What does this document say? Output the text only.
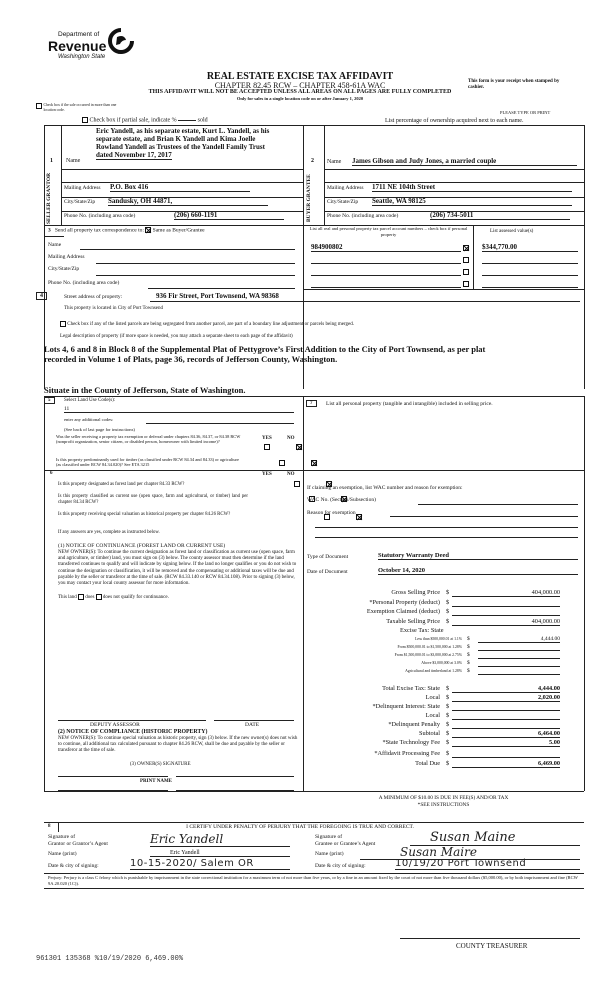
Department of
Revenue
Washington State
REAL ESTATE EXCISE TAX AFFIDAVIT
CHAPTER 82.45 RCW – CHAPTER 458-61A WAC
THIS AFFIDAVIT WILL NOT BE ACCEPTED UNLESS ALL AREAS ON ALL PAGES ARE FULLY COMPLETED
Only for sales in a single location code on or after January 1, 2020
This form is your receipt when stamped by cashier.
PLEASE TYPE OR PRINT
Check box if the sale occurred in more than one location code.
Check box if partial sale, indicate %	sold	List percentage of ownership acquired next to each name.
1
SELLER GRANTOR
Name
Eric Yandell, as his separate estate, Kurt L. Yandell, as his
separate estate, and Brian K Yandell and Kima Joelle
Rowland Yandell as Trustees of the Yandell Family Trust
dated November 17, 2017
Mailing Address P.O. Box 416
City/State/Zip Sandusky, OH 44871,
Phone No. (including area code)	(206) 660-1191
2
BUYER GRANTEE
Name James Gibson and Judy Jones, a married couple
Mailing Address 1711 NE 104th Street
City/State/Zip Seattle, WA 98125
Phone No. (including area code)	(206) 734-5011
3 Send all property tax correspondence to: Same as Buyer/Grantee
Name
Mailing Address
City/State/Zip
Phone No. (including area code)
List all real and personal property tax parcel account numbers – check box if personal property	List assessed value(s)
984900802	$344,770.00
4	Street address of property:	936 Fir Street, Port Townsend, WA 98368
This property is located in City of Port Townsend
Check box if any of the listed parcels are being segregated from another parcel, are part of a boundary line adjustment or parcels being merged.
Legal description of property (if more space is needed, you may attach a separate sheet to each page of the affidavit)
Lots 4, 6 and 8 in Block 8 of the Supplemental Plat of Pettygrove’s First Addition to the City of Port Townsend, as per plat
recorded in Volume 1 of Plats, page 36, records of Jefferson County, Washington.
Situate in the County of Jefferson, State of Washington.
5	Select Land Use Code(s):
11
enter any additional codes:
(See back of last page for instructions)
YES	NO
Was the seller receiving a property tax exemption or deferral under chapters 84.36, 84.37, or 84.38 RCW (nonprofit organization, senior citizen, or disabled person, homeowner with limited income)?

Is this property predominantly used for timber (as classified under RCW 84.34 and 84.33) or agriculture (as classified under RCW 84.34.020)? See ETA 3215

6	YES	NO
Is this property designated as forest land per chapter 84.33 RCW?

Is this property classified as current use (open space, farm and agricultural, or timber) land per chapter 84.34 RCW?

Is this property receiving special valuation as historical property per chapter 84.26 RCW?

If any answers are yes, complete as instructed below.
(1) NOTICE OF CONTINUANCE (FOREST LAND OR CURRENT USE)
NEW OWNER(S): To continue the current designation as forest land or classification as current use (open space, farm and agriculture, or timber) land, you must sign on (3) below. The county assessor must then determine if the land transferred continues to qualify and will indicate by signing below. If the land no longer qualifies or you do not wish to continue the designation or classification, it will be removed and the compensating or additional taxes will be due and payable by the seller or transferor at the time of sale. (RCW 84.33.140 or RCW 84.34.108). Prior to signing (3) below, you may contact your local county assessor for more information.
This land does does not qualify for continuance.
DEPUTY ASSESSOR	DATE
(2) NOTICE OF COMPLIANCE (HISTORIC PROPERTY)
NEW OWNER(S): To continue special valuation as historic property, sign (3) below. If the new owner(s) does not wish to continue, all additional tax calculated pursuant to chapter 84.26 RCW, shall be due and payable by the seller or transferor at the time of sale.
(3) OWNER(S) SIGNATURE
PRINT NAME
7	List all personal property (tangible and intangible) included in selling price.
If claiming an exemption, list WAC number and reason for exemption:
WAC No. (Section/Subsection)
Reason for exemption
Type of Document	Statutory Warranty Deed
Date of Document	October 14, 2020
Gross Selling Price $	404,000.00
*Personal Property (deduct) $
Exemption Claimed (deduct) $
Taxable Selling Price $	404,000.00
Excise Tax: State
Less than $500,000.01 at 1.1% $	4,444.00
From $500,000.01 to $1,500,000 at 1.28% $
From $1,500,000.01 to $3,000,000 at 2.75% $
Above $3,000,000 at 3.0% $
Agricultural and timberland at 1.28% $
Total Excise Tax: State $	4,444.00
Local $	2,020.00
*Delinquent Interest: State $
Local $
*Delinquent Penalty $
Subtotal $	6,464.00
*State Technology Fee $	5.00
*Affidavit Processing Fee $
Total Due $	6,469.00
A MINIMUM OF $10.00 IS DUE IN FEE(S) AND/OR TAX
*SEE INSTRUCTIONS
8	I CERTIFY UNDER PENALTY OF PERJURY THAT THE FOREGOING IS TRUE AND CORRECT.
Signature of
Grantor or Grantor’s Agent	Eric Yandell
Name (print)	Eric Yandell
Date & city of signing:	10-15-2020/ Salem OR
Signature of
Grantee or Grantee’s Agent	Susan Maine
Name (print)	Susan Maire
Date & city of signing:	10/19/20 Port Townsend
Perjury: Perjury is a class C felony which is punishable by imprisonment in the state correctional institution for a maximum term of not more than five years, or by a fine in an amount fixed by the court of not more than five thousand dollars ($5,000.00), or by both imprisonment and fine (RCW 9A.20.020 (1C)).
COUNTY TREASURER
961301 135368 %10/19/2020 6,469.00%
